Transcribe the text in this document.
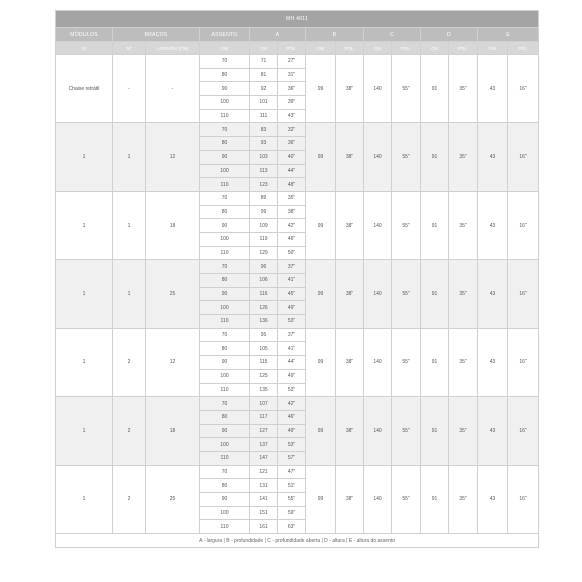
MH 4011													
MÓDULOS	BRAÇOS		ASSENTO	A		B		C		D		E	
Nº	Nº	LARGURA (CM)	CM	CM	POL.	CM	POL.	CM	POL.	CM	POL.	CM	POL.
Chaise retrátil	-	-	70	71	27"	99	38"	140	55"	91	35"	43	16"
			80	81	31"								
			90	92	36"								
			100	101	39"								
			110	111	43"								
1	1	12	70	83	32"	99	38"	140	55"	91	35"	43	16"
			80	93	36"								
			90	103	40"								
			100	113	44"								
			110	123	48"								
1	1	18	70	89	35"	99	38"	140	55"	91	35"	43	16"
			80	99	38"								
			90	109	42"								
			100	119	46"								
			110	129	50"								
1	1	25	70	96	37"	99	38"	140	55"	91	35"	43	16"
			80	106	41"								
			90	116	45"								
			100	126	49"								
			110	136	53"								
1	2	12	70	95	37"	99	38"	140	55"	91	35"	43	16"
			80	105	41"								
			90	115	44"								
			100	125	49"								
			110	135	53"								
1	2	18	70	107	42"	99	38"	140	55"	91	35"	43	16"
			80	117	46"								
			90	127	49"								
			100	137	53"								
			110	147	57"								
1	2	25	70	121	47"	99	38"	140	55"	91	35"	43	16"
			80	131	51"								
			90	141	55"								
			100	151	59"								
			110	161	63"								
A - largura | B - profundidade | C - profundidade aberta | D - altura | E - altura do assento													
